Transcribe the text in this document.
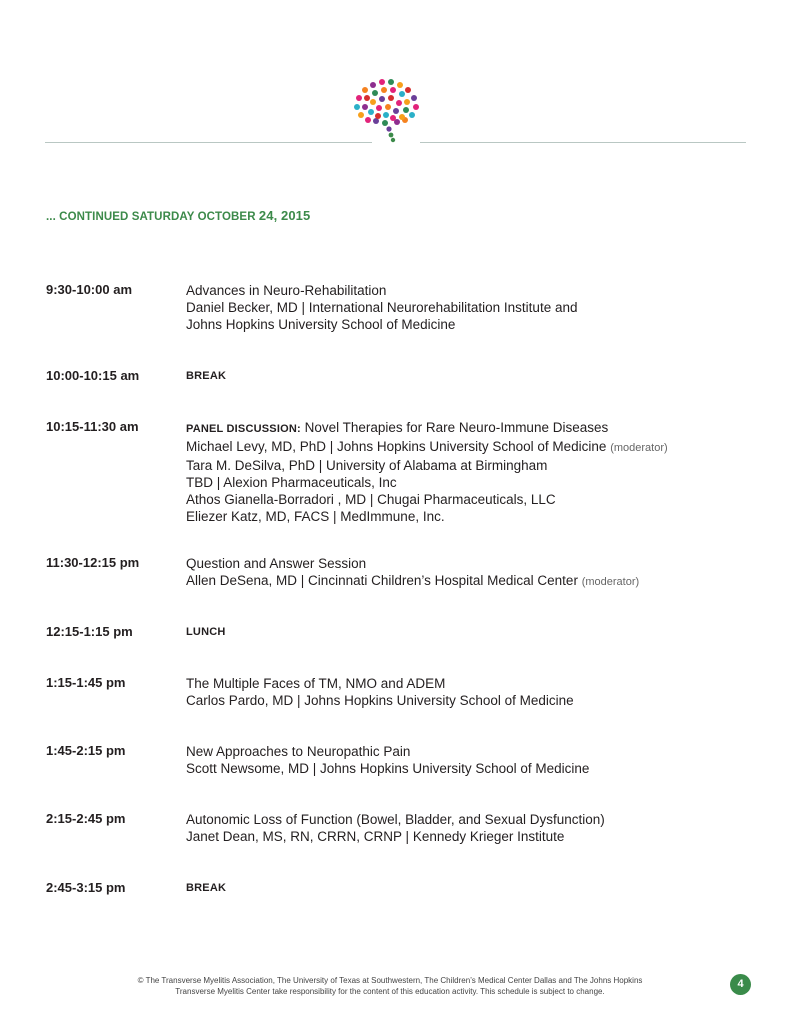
... CONTINUED SATURDAY OCTOBER 24, 2015
9:30-10:00 am	Advances in Neuro-Rehabilitation
Daniel Becker, MD | International Neurorehabilitation Institute and
Johns Hopkins University School of Medicine
10:00-10:15 am	BREAK
10:15-11:30 am	PANEL DISCUSSION: Novel Therapies for Rare Neuro-Immune Diseases
Michael Levy, MD, PhD | Johns Hopkins University School of Medicine (moderator)
Tara M. DeSilva, PhD | University of Alabama at Birmingham
TBD | Alexion Pharmaceuticals, Inc
Athos Gianella-Borradori , MD | Chugai Pharmaceuticals, LLC
Eliezer Katz, MD, FACS | MedImmune, Inc.
11:30-12:15 pm	Question and Answer Session
Allen DeSena, MD | Cincinnati Children’s Hospital Medical Center (moderator)
12:15-1:15 pm	LUNCH
1:15-1:45 pm	The Multiple Faces of TM, NMO and ADEM
Carlos Pardo, MD | Johns Hopkins University School of Medicine
1:45-2:15 pm	New Approaches to Neuropathic Pain
Scott Newsome, MD | Johns Hopkins University School of Medicine
2:15-2:45 pm	Autonomic Loss of Function (Bowel, Bladder, and Sexual Dysfunction)
Janet Dean, MS, RN, CRRN, CRNP | Kennedy Krieger Institute
2:45-3:15 pm	BREAK
© The Transverse Myelitis Association, The University of Texas at Southwestern, The Children’s Medical Center Dallas and The Johns Hopkins
Transverse Myelitis Center take responsibility for the content of this education activity. This schedule is subject to change.
4
